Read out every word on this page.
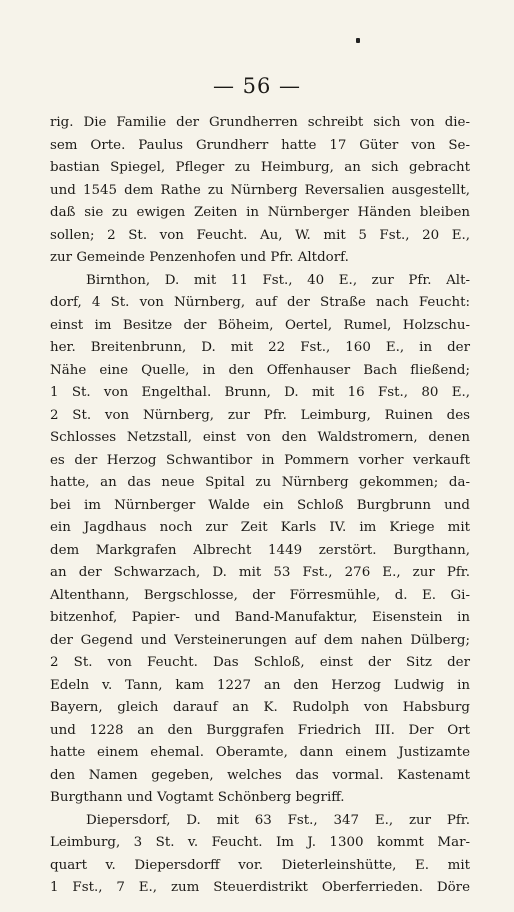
— 56 —
rig. Die Familie der Grundherren schreibt sich von die-
sem Orte. Paulus Grundherr hatte 17 Güter von Se-
bastian Spiegel, Pfleger zu Heimburg, an sich gebracht
und 1545 dem Rathe zu Nürnberg Reversalien ausgestellt,
daß sie zu ewigen Zeiten in Nürnberger Händen bleiben
sollen; 2 St. von Feucht. Au, W. mit 5 Fst., 20 E.,
zur Gemeinde Penzenhofen und Pfr. Altdorf.
Birnthon, D. mit 11 Fst., 40 E., zur Pfr. Alt-
dorf, 4 St. von Nürnberg, auf der Straße nach Feucht:
einst im Besitze der Böheim, Oertel, Rumel, Holzschu-
her. Breitenbrunn, D. mit 22 Fst., 160 E., in der
Nähe eine Quelle, in den Offenhauser Bach fließend;
1 St. von Engelthal. Brunn, D. mit 16 Fst., 80 E.,
2 St. von Nürnberg, zur Pfr. Leimburg, Ruinen des
Schlosses Netzstall, einst von den Waldstromern, denen
es der Herzog Schwantibor in Pommern vorher verkauft
hatte, an das neue Spital zu Nürnberg gekommen; da-
bei im Nürnberger Walde ein Schloß Burgbrunn und
ein Jagdhaus noch zur Zeit Karls IV. im Kriege mit
dem Markgrafen Albrecht 1449 zerstört. Burgthann,
an der Schwarzach, D. mit 53 Fst., 276 E., zur Pfr.
Altenthann, Bergschlosse, der Förresmühle, d. E. Gi-
bitzenhof, Papier- und Band-Manufaktur, Eisenstein in
der Gegend und Versteinerungen auf dem nahen Dülberg;
2 St. von Feucht. Das Schloß, einst der Sitz der
Edeln v. Tann, kam 1227 an den Herzog Ludwig in
Bayern, gleich darauf an K. Rudolph von Habsburg
und 1228 an den Burggrafen Friedrich III. Der Ort
hatte einem ehemal. Oberamte, dann einem Justizamte
den Namen gegeben, welches das vormal. Kastenamt
Burgthann und Vogtamt Schönberg begriff.
Diepersdorf, D. mit 63 Fst., 347 E., zur Pfr.
Leimburg, 3 St. v. Feucht. Im J. 1300 kommt Mar-
quart v. Diepersdorff vor. Dieterleinshütte, E. mit
1 Fst., 7 E., zum Steuerdistrikt Oberferrieden. Döre
